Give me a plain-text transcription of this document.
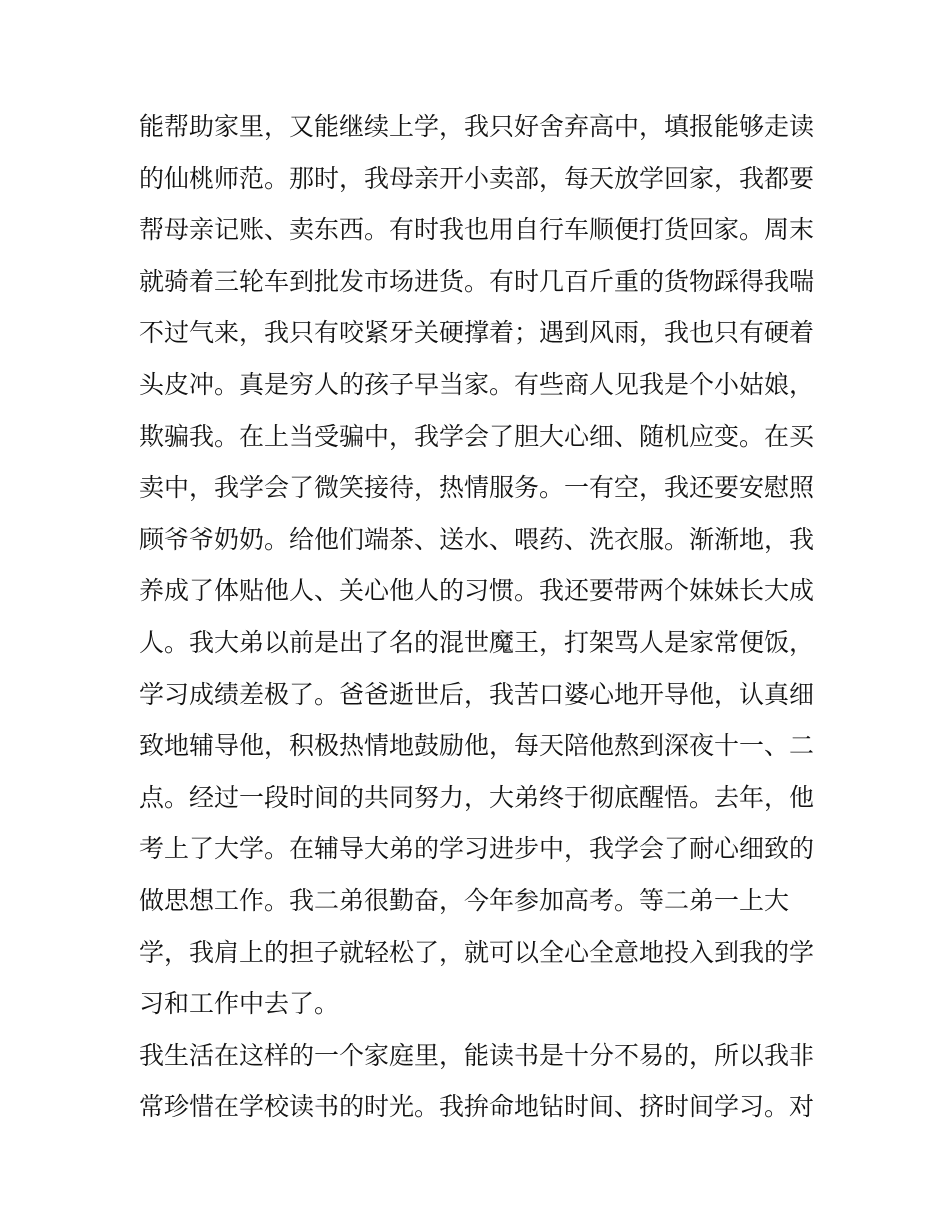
能帮助家里，又能继续上学，我只好舍弃高中，填报能够走读
的仙桃师范。那时，我母亲开小卖部，每天放学回家，我都要
帮母亲记账、卖东西。有时我也用自行车顺便打货回家。周末
就骑着三轮车到批发市场进货。有时几百斤重的货物踩得我喘
不过气来，我只有咬紧牙关硬撑着；遇到风雨，我也只有硬着
头皮冲。真是穷人的孩子早当家。有些商人见我是个小姑娘，
欺骗我。在上当受骗中，我学会了胆大心细、随机应变。在买
卖中，我学会了微笑接待，热情服务。一有空，我还要安慰照
顾爷爷奶奶。给他们端茶、送水、喂药、洗衣服。渐渐地，我
养成了体贴他人、关心他人的习惯。我还要带两个妹妹长大成
人。我大弟以前是出了名的混世魔王，打架骂人是家常便饭，
学习成绩差极了。爸爸逝世后，我苦口婆心地开导他，认真细
致地辅导他，积极热情地鼓励他，每天陪他熬到深夜十一、二
点。经过一段时间的共同努力，大弟终于彻底醒悟。去年，他
考上了大学。在辅导大弟的学习进步中，我学会了耐心细致的
做思想工作。我二弟很勤奋，今年参加高考。等二弟一上大
学，我肩上的担子就轻松了，就可以全心全意地投入到我的学
习和工作中去了。
我生活在这样的一个家庭里，能读书是十分不易的，所以我非
常珍惜在学校读书的时光。我拚命地钻时间、挤时间学习。对
